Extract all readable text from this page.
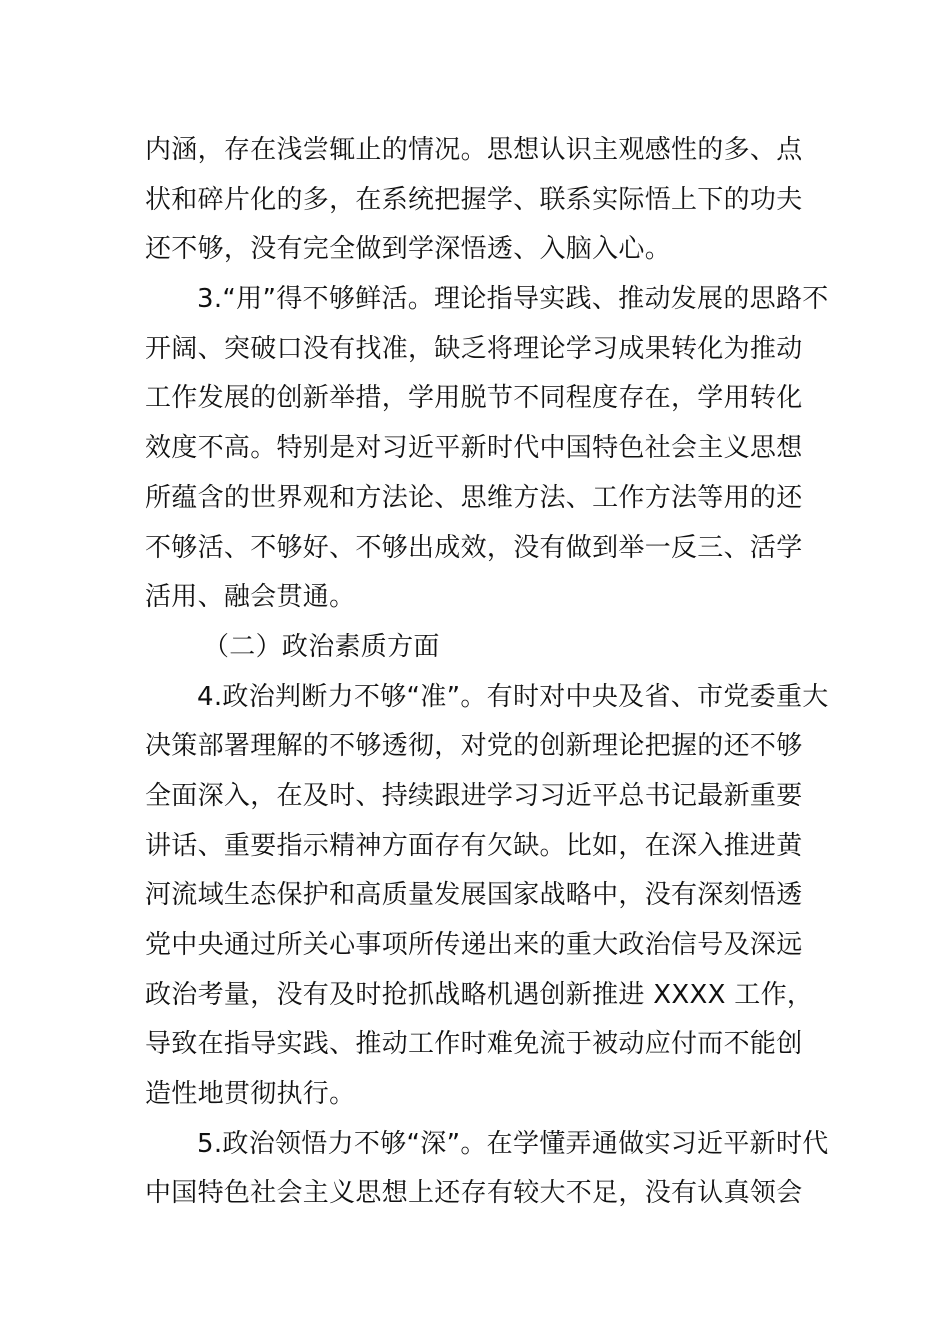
内涵，存在浅尝辄止的情况。思想认识主观感性的多、点
状和碎片化的多，在系统把握学、联系实际悟上下的功夫
还不够，没有完全做到学深悟透、入脑入心。
3.“用”得不够鲜活。理论指导实践、推动发展的思路不
开阔、突破口没有找准，缺乏将理论学习成果转化为推动
工作发展的创新举措，学用脱节不同程度存在，学用转化
效度不高。特别是对习近平新时代中国特色社会主义思想
所蕴含的世界观和方法论、思维方法、工作方法等用的还
不够活、不够好、不够出成效，没有做到举一反三、活学
活用、融会贯通。
（二）政治素质方面
4.政治判断力不够“准”。有时对中央及省、市党委重大
决策部署理解的不够透彻，对党的创新理论把握的还不够
全面深入，在及时、持续跟进学习习近平总书记最新重要
讲话、重要指示精神方面存有欠缺。比如，在深入推进黄
河流域生态保护和高质量发展国家战略中，没有深刻悟透
党中央通过所关心事项所传递出来的重大政治信号及深远
政治考量，没有及时抢抓战略机遇创新推进 XXXX 工作，
导致在指导实践、推动工作时难免流于被动应付而不能创
造性地贯彻执行。
5.政治领悟力不够“深”。在学懂弄通做实习近平新时代
中国特色社会主义思想上还存有较大不足，没有认真领会
